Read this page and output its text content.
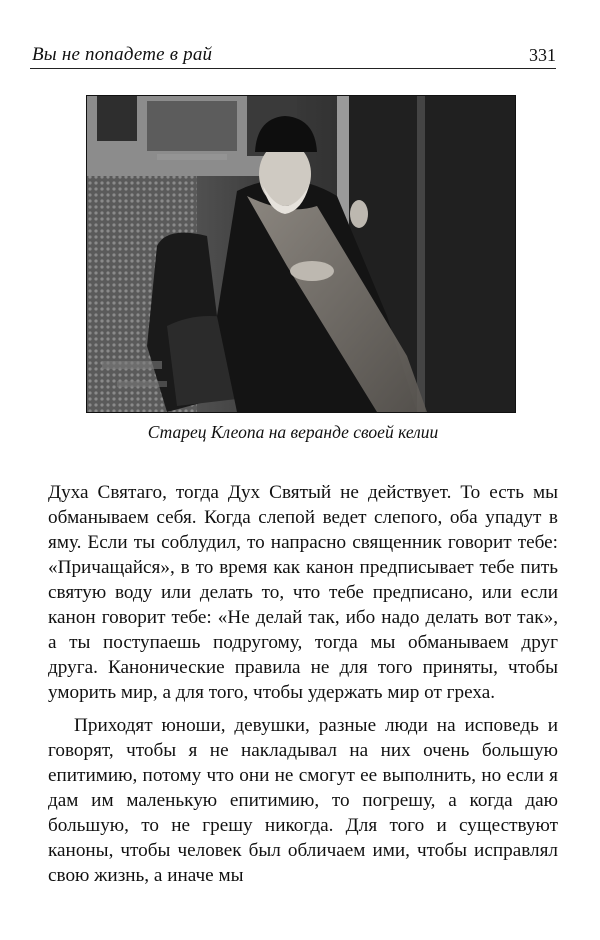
Вы не попадете в рай	331
Старец Клеопа на веранде своей келии

Духа Святаго, тогда Дух Святый не действует. То есть мы обманываем себя. Когда слепой ведет слепого, оба упадут в яму. Если ты соблудил, то напрасно священник говорит тебе: «Причащайся», в то время как канон предписывает тебе пить святую воду или делать то, что тебе предписано, или если канон говорит тебе: «Не делай так, ибо надо делать вот так», а ты поступаешь подругому, тогда мы обманываем друг друга. Канонические правила не для того приняты, чтобы уморить мир, а для того, чтобы удержать мир от греха.

Приходят юноши, девушки, разные люди на исповедь и говорят, чтобы я не накладывал на них очень большую епитимию, потому что они не смогут ее выполнить, но если я дам им маленькую епитимию, то погрешу, а когда даю большую, то не грешу никогда. Для того и существуют каноны, чтобы человек был обличаем ими, чтобы исправлял свою жизнь, а иначе мы
